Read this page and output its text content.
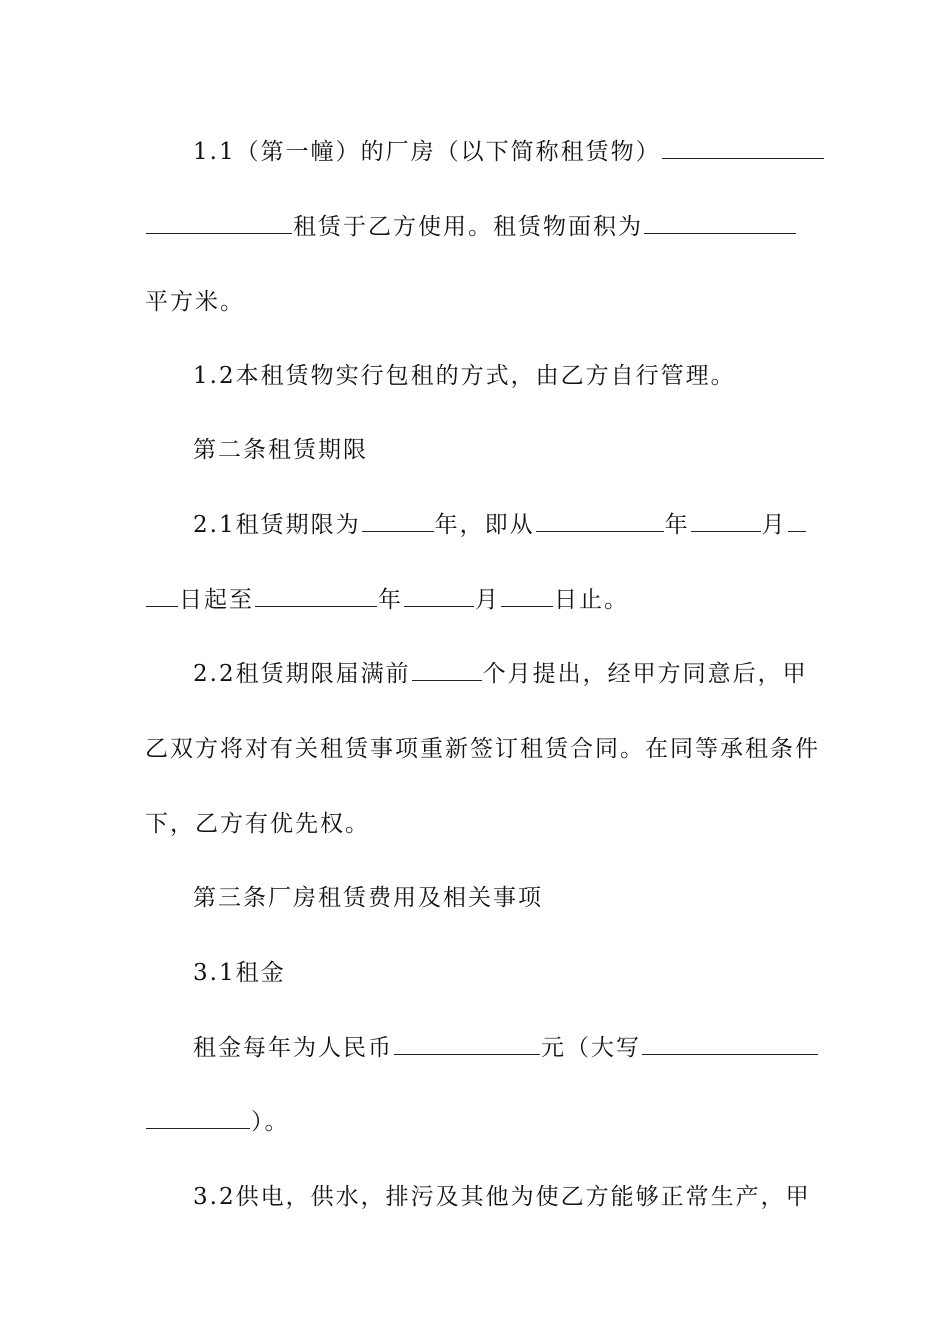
1.1（第一幢）的厂房（以下简称租赁物）
租赁于乙方使用。租赁物面积为
平方米。
1.2本租赁物实行包租的方式，由乙方自行管理。
第二条租赁期限
2.1租赁期限为	年，即从	年	月
日起至	年	月 日止。
2.2租赁期限届满前	个月提出，经甲方同意后，甲
乙双方将对有关租赁事项重新签订租赁合同。在同等承租条件
下，乙方有优先权。
第三条厂房租赁费用及相关事项
3.1租金
租金每年为人民币	元（大写
）。
3.2供电，供水，排污及其他为使乙方能够正常生产，甲
